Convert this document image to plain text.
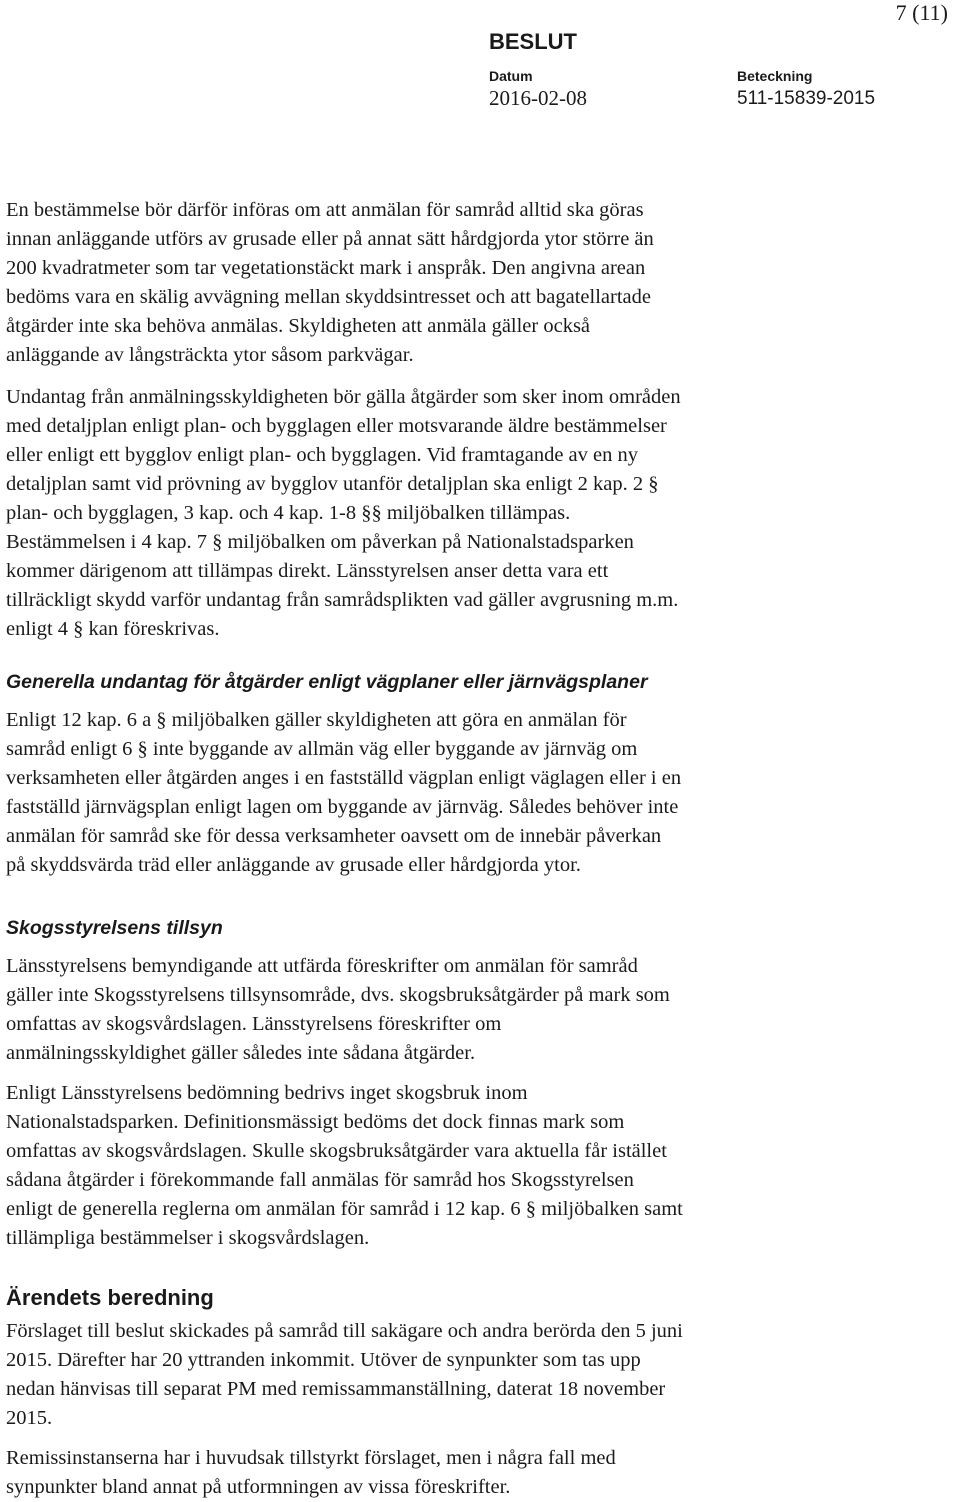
7 (11)
BESLUT
Datum
2016-02-08
Beteckning
511-15839-2015

En bestämmelse bör därför införas om att anmälan för samråd alltid ska göras
innan anläggande utförs av grusade eller på annat sätt hårdgjorda ytor större än
200 kvadratmeter som tar vegetationstäckt mark i anspråk. Den angivna arean
bedöms vara en skälig avvägning mellan skyddsintresset och att bagatellartade
åtgärder inte ska behöva anmälas. Skyldigheten att anmäla gäller också
anläggande av långsträckta ytor såsom parkvägar.

Undantag från anmälningsskyldigheten bör gälla åtgärder som sker inom områden
med detaljplan enligt plan- och bygglagen eller motsvarande äldre bestämmelser
eller enligt ett bygglov enligt plan- och bygglagen. Vid framtagande av en ny
detaljplan samt vid prövning av bygglov utanför detaljplan ska enligt 2 kap. 2 §
plan- och bygglagen, 3 kap. och 4 kap. 1-8 §§ miljöbalken tillämpas.
Bestämmelsen i 4 kap. 7 § miljöbalken om påverkan på Nationalstadsparken
kommer därigenom att tillämpas direkt. Länsstyrelsen anser detta vara ett
tillräckligt skydd varför undantag från samrådsplikten vad gäller avgrusning m.m.
enligt 4 § kan föreskrivas.

Generella undantag för åtgärder enligt vägplaner eller järnvägsplaner

Enligt 12 kap. 6 a § miljöbalken gäller skyldigheten att göra en anmälan för
samråd enligt 6 § inte byggande av allmän väg eller byggande av järnväg om
verksamheten eller åtgärden anges i en fastställd vägplan enligt väglagen eller i en
fastställd järnvägsplan enligt lagen om byggande av järnväg. Således behöver inte
anmälan för samråd ske för dessa verksamheter oavsett om de innebär påverkan
på skyddsvärda träd eller anläggande av grusade eller hårdgjorda ytor.

Skogsstyrelsens tillsyn

Länsstyrelsens bemyndigande att utfärda föreskrifter om anmälan för samråd
gäller inte Skogsstyrelsens tillsynsområde, dvs. skogsbruksåtgärder på mark som
omfattas av skogsvårdslagen. Länsstyrelsens föreskrifter om
anmälningsskyldighet gäller således inte sådana åtgärder.

Enligt Länsstyrelsens bedömning bedrivs inget skogsbruk inom
Nationalstadsparken. Definitionsmässigt bedöms det dock finnas mark som
omfattas av skogsvårdslagen. Skulle skogsbruksåtgärder vara aktuella får istället
sådana åtgärder i förekommande fall anmälas för samråd hos Skogsstyrelsen
enligt de generella reglerna om anmälan för samråd i 12 kap. 6 § miljöbalken samt
tillämpliga bestämmelser i skogsvårdslagen.

Ärendets beredning

Förslaget till beslut skickades på samråd till sakägare och andra berörda den 5 juni
2015. Därefter har 20 yttranden inkommit. Utöver de synpunkter som tas upp
nedan hänvisas till separat PM med remissammanställning, daterat 18 november
2015.

Remissinstanserna har i huvudsak tillstyrkt förslaget, men i några fall med
synpunkter bland annat på utformningen av vissa föreskrifter.
